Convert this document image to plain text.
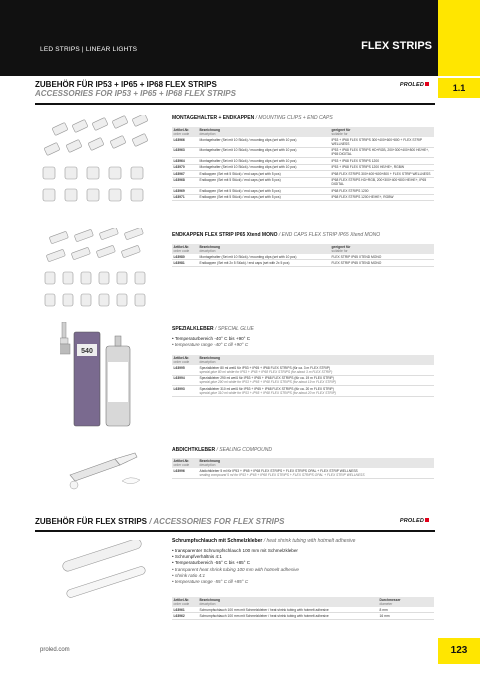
LED STRIPS | LINEAR LIGHTS	FLEX STRIPS
1.1
ZUBEHÖR FÜR IP53 + IP65 + IP68 FLEX STRIPS
ACCESSORIES FOR IP53 + IP65 + IP68 FLEX STRIPS
PROLED
MONTAGEHALTER + ENDKAPPEN / MOUNTING CLIPS + END CAPS
Artikel-Nr.
order code	Bezeichnung
description	geeignet für
suitable for

L63966	Montagehalter (Set mit 10 Stück) / mounting clips (set with 10 pcs)	IP53 + IP68 FLEX STRIPS 300+400+600+800 + FLEX STRIP WELLNESS
L63963	Montagehalter (Set mit 10 Stück) / mounting clips (set with 10 pcs)	IP53 + IP68 FLEX STRIPS HD+RGB, 200+300+400+800 HE/HE+, IP65 DIGITAL
L63964	Montagehalter (Set mit 10 Stück) / mounting clips (set with 10 pcs)	IP53 + IP68 FLEX STRIPS 1200
L63970	Montagehalter (Set mit 10 Stück) / mounting clips (set with 10 pcs)	IP53 + IP68 FLEX STRIPS 1200 HE/HE+, RGBW
L63967	Endkappen (Set mit 5 Stück) / end caps (set with 5 pcs)	IP68 FLEX STRIPS 300+400+600+800 + FLEX STRIP WELLNESS
L63968	Endkappen (Set mit 5 Stück) / end caps (set with 5 pcs)	IP68 FLEX STRIPS HD+RGB, 200+300+400+800 HE/HE+, IP65 DIGITAL
L63969	Endkappen (Set mit 5 Stück) / end caps (set with 5 pcs)	IP68 FLEX STRIPS 1200
L63971	Endkappen (Set mit 5 Stück) / end caps (set with 5 pcs)	IP68 FLEX STRIPS 1200 HE/HE+, RGBW
ENDKAPPEN FLEX STRIP IP65 Xtend MONO / END CAPS FLEX STRIP IP65 Xtend MONO
Artikel-Nr.
order code	Bezeichnung
description	geeignet für
suitable for

L63980	Montagehalter (Set mit 10 Stück) / mounting clips (set with 10 pcs)	FLEX STRIP IP65 XTEND MONO
L63981	Endkappen (Set mit 2x 5 Stück) / end caps (set with 2x 5 pcs)	FLEX STRIP IP65 XTEND MONO
540
SPEZIALKLEBER / SPECIAL GLUE
• Temperaturbereich -40° C bis +90° C
• temperature range -40° C till +90° C
Artikel-Nr.
order code	Bezeichnung
description

L63995	Spezialkleber 80 ml weiß für IP53 + IP65 + IP68 FLEX STRIPS (für ca. 3 m FLEX STRIP)
special glue 80 ml white for IP53 + IP65 + IP68 FLEX STRIPS (for about 3 m FLEX STRIP)
L63994	Spezialkleber 290 ml weiß für IP53 + IP65 + IP68 FLEX STRIPS (für ca. 19 m FLEX STRIP)
special glue 290 ml white for IP53 + IP65 + IP68 FLEX STRIPS (for about 19 m FLEX STRIP)
L63993	Spezialkleber 310 ml weiß für IP53 + IP65 + IP68 FLEX STRIPS (für ca. 20 m FLEX STRIP)
special glue 310 ml white for IP53 + IP65 + IP68 FLEX STRIPS (for about 20 m FLEX STRIP)
ABDICHTKLEBER / SEALING COMPOUND
Artikel-Nr.
order code	Bezeichnung
description

L63996	Abdichtkleber 5 ml für IP53 + IP65 + IP68 FLEX STRIPS + FLEX STRIPS OPAL + FLEX STRIP WELLNESS
sealing compound 5 ml for IP53 + IP65 + IP68 FLEX STRIPS + FLEX STRIPS OPAL + FLEX STRIP WELLNESS
ZUBEHÖR FÜR FLEX STRIPS / ACCESSORIES FOR FLEX STRIPS	PROLED
Schrumpfschlauch mit Schmelzkleber / heat shrink tubing with hotmelt adhesive
• transparenter Schrumpfschlauch 100 mm mit Schmelzkleber
• Schrumpfverhältnis 4:1
• Temperaturbereich -55° C bis +85° C
• transparent heat shrink tubing 100 mm with hotmelt adhesive
• shrink ratio 4:1
• temperature range -55° C till +85° C
Artikel-Nr.
order code	Bezeichnung
description	Durchmesser
diameter

L63961	Schrumpfschlauch 100 mm mit Schmelzkleber / heat shrink tubing with hotmelt adhesive	8 mm
L63962	Schrumpfschlauch 100 mm mit Schmelzkleber / heat shrink tubing with hotmelt adhesive	16 mm
proled.com	123
